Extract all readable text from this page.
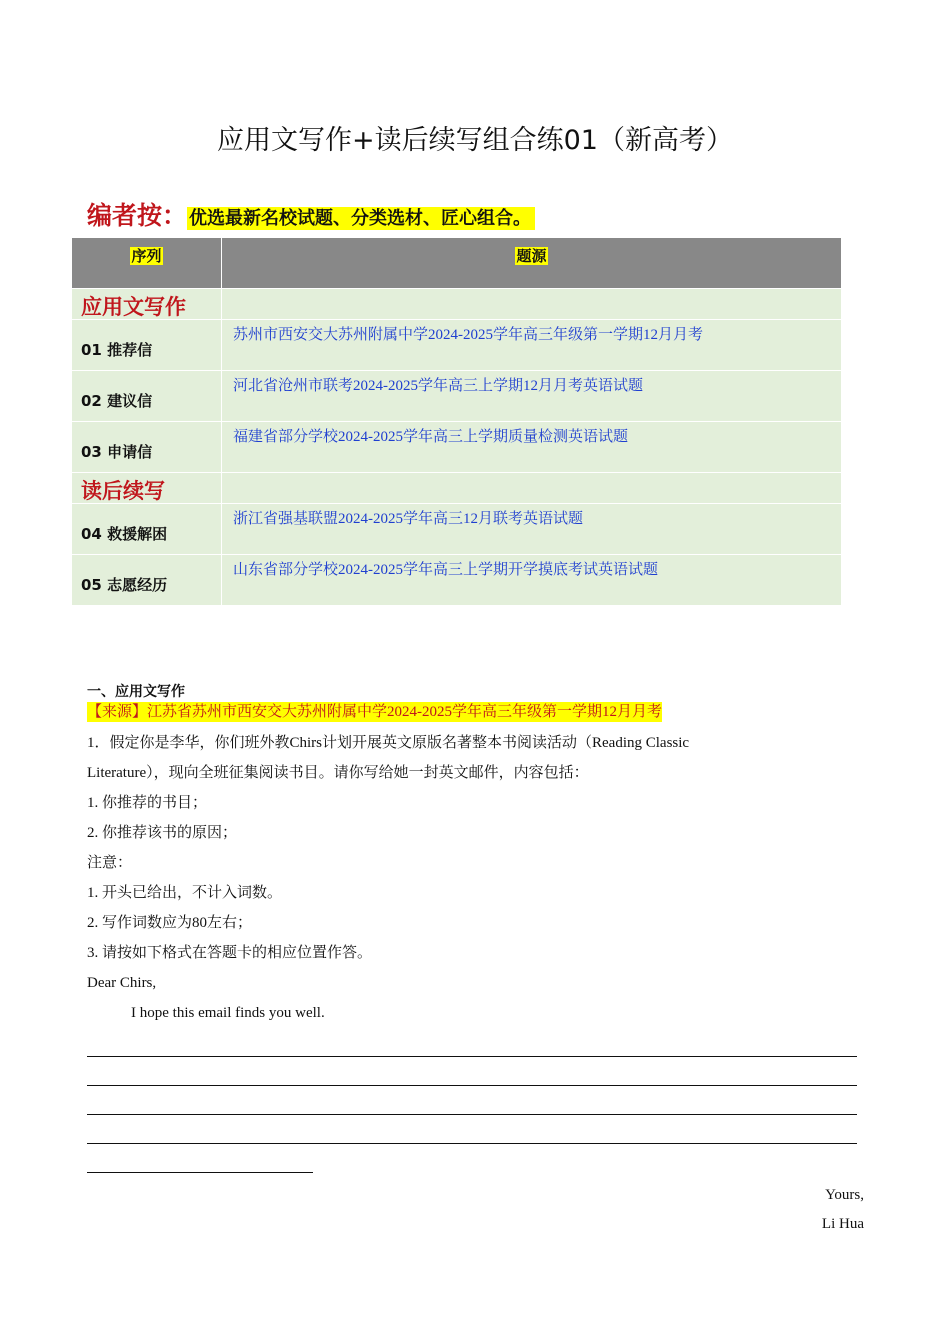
应用文写作+读后续写组合练01（新高考）
编者按： 优选最新名校试题、分类选材、匠心组合。
序列	题源
应用文写作
01 推荐信
苏州市西安交大苏州附属中学2024-2025学年高三年级第一学期12月月考
02 建议信
河北省沧州市联考2024-2025学年高三上学期12月月考英语试题
03 申请信
福建省部分学校2024-2025学年高三上学期质量检测英语试题
读后续写
04 救援解困
浙江省强基联盟2024-2025学年高三12月联考英语试题
05 志愿经历
山东省部分学校2024-2025学年高三上学期开学摸底考试英语试题
一、应用文写作
【来源】江苏省苏州市西安交大苏州附属中学2024-2025学年高三年级第一学期12月月考
1．假定你是李华，你们班外教Chirs计划开展英文原版名著整本书阅读活动（Reading Classic
Literature），现向全班征集阅读书目。请你写给她一封英文邮件，内容包括：
1. 你推荐的书目；
2. 你推荐该书的原因；
注意：
1. 开头已给出，不计入词数。
2. 写作词数应为80左右；
3. 请按如下格式在答题卡的相应位置作答。
Dear Chirs,
I hope this email finds you well.
Yours,
Li Hua
